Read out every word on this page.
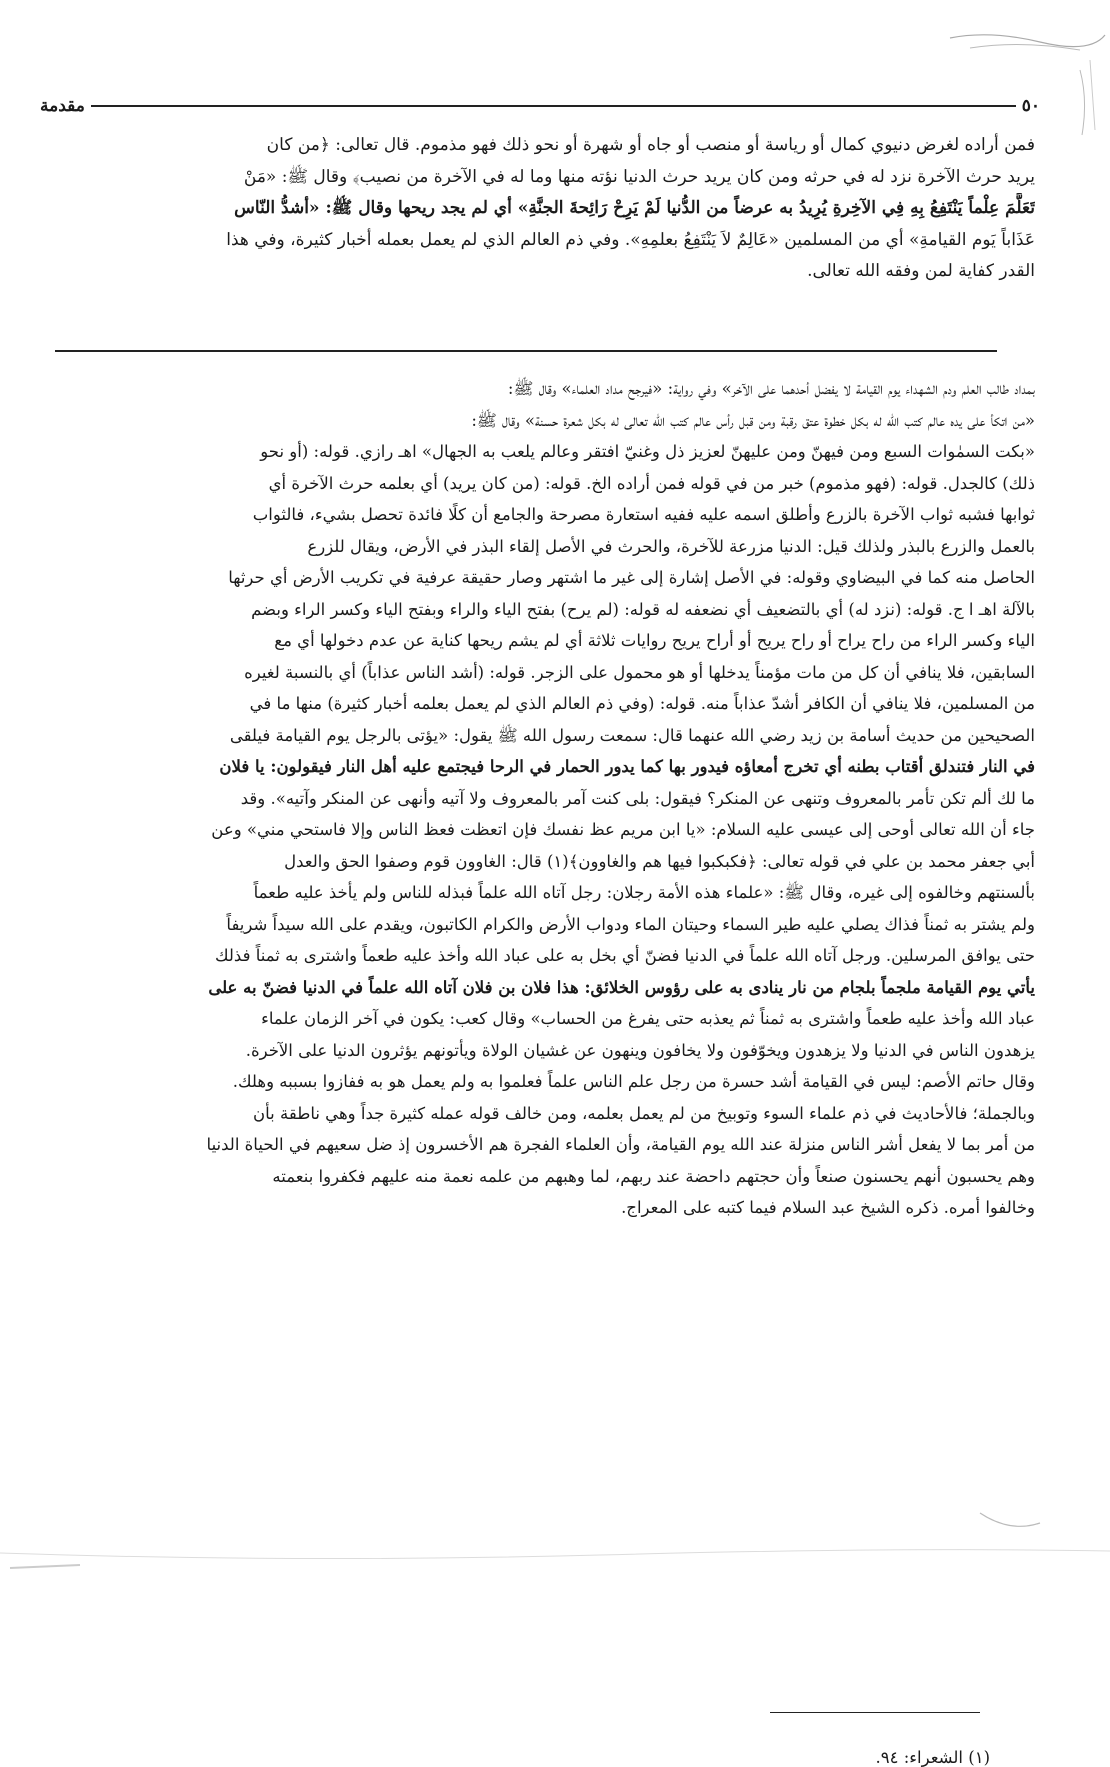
٥٠
مقدمة
فمن أراده لغرض دنيوي كمال أو رياسة أو منصب أو جاه أو شهرة أو نحو ذلك فهو مذموم. قال تعالى: ﴿من كان
يريد حرث الآخرة نزد له في حرثه ومن كان يريد حرث الدنيا نؤته منها وما له في الآخرة من نصيب﴾ وقال ﷺ: «مَنْ
تَعَلَّمَ عِلْماً يَنْتَفِعُ بِهِ فِي الآخِرةِ يُرِيدُ به عرضاً من الدُّنيا لَمْ يَرِحْ رَائِحةَ الجنَّةِ» أي لم يجد ريحها وقال ﷺ: «أشدُّ النّاس
عَذَاباً يَوم القيامةِ» أي من المسلمين «عَالِمٌ لاَ يَنْتَفِعُ بعلمِهِ». وفي ذم العالم الذي لم يعمل بعمله أخبار كثيرة، وفي هذا
القدر كفاية لمن وفقه الله تعالى.
بمداد طالب العلم ودم الشهداء يوم القيامة لا يفضل أحدهما على الآخر» وفي رواية: «فيرجح مداد العلماء» وقال ﷺ:
«من اتكأ على يده عالم كتب الله له بكل خطوة عتق رقبة ومن قبل رأس عالم كتب الله تعالى له بكل شعرة حسنة» وقال ﷺ:
«بكت السمٰوات السبع ومن فيهنّ ومن عليهنّ لعزيز ذل وغنيّ افتقر وعالم يلعب به الجهال» اهـ رازي. قوله: (أو نحو
ذلك) كالجدل. قوله: (فهو مذموم) خبر من في قوله فمن أراده الخ. قوله: (من كان يريد) أي بعلمه حرث الآخرة أي
ثوابها فشبه ثواب الآخرة بالزرع وأطلق اسمه عليه ففيه استعارة مصرحة والجامع أن كلًا فائدة تحصل بشيء، فالثواب
بالعمل والزرع بالبذر ولذلك قيل: الدنيا مزرعة للآخرة، والحرث في الأصل إلقاء البذر في الأرض، ويقال للزرع
الحاصل منه كما في البيضاوي وقوله: في الأصل إشارة إلى غير ما اشتهر وصار حقيقة عرفية في تكريب الأرض أي حرثها
بالآلة اهـ ا ج. قوله: (نزد له) أي بالتضعيف أي نضعفه له قوله: (لم يرح) بفتح الياء والراء وبفتح الياء وكسر الراء وبضم
الياء وكسر الراء من راح يراح أو راح يريح أو أراح يريح روايات ثلاثة أي لم يشم ريحها كناية عن عدم دخولها أي مع
السابقين، فلا ينافي أن كل من مات مؤمناً يدخلها أو هو محمول على الزجر. قوله: (أشد الناس عذاباً) أي بالنسبة لغيره
من المسلمين، فلا ينافي أن الكافر أشدّ عذاباً منه. قوله: (وفي ذم العالم الذي لم يعمل بعلمه أخبار كثيرة) منها ما في
الصحيحين من حديث أسامة بن زيد رضي الله عنهما قال: سمعت رسول الله ﷺ يقول: «يؤتى بالرجل يوم القيامة فيلقى
في النار فتندلق أقتاب بطنه أي تخرج أمعاؤه فيدور بها كما يدور الحمار في الرحا فيجتمع عليه أهل النار فيقولون: يا فلان
ما لك ألم تكن تأمر بالمعروف وتنهى عن المنكر؟ فيقول: بلى كنت آمر بالمعروف ولا آتيه وأنهى عن المنكر وآتيه». وقد
جاء أن الله تعالى أوحى إلى عيسى عليه السلام: «يا ابن مريم عظ نفسك فإن اتعظت فعظ الناس وإلا فاستحي مني» وعن
أبي جعفر محمد بن علي في قوله تعالى: ﴿فكبكبوا فيها هم والغاوون﴾(١) قال: الغاوون قوم وصفوا الحق والعدل
بألسنتهم وخالفوه إلى غيره، وقال ﷺ: «علماء هذه الأمة رجلان: رجل آتاه الله علماً فبذله للناس ولم يأخذ عليه طعماً
ولم يشتر به ثمناً فذاك يصلي عليه طير السماء وحيتان الماء ودواب الأرض والكرام الكاتبون، ويقدم على الله سيداً شريفاً
حتى يوافق المرسلين. ورجل آتاه الله علماً في الدنيا فضنّ أي بخل به على عباد الله وأخذ عليه طعماً واشترى به ثمناً فذلك
يأتي يوم القيامة ملجماً بلجام من نار ينادى به على رؤوس الخلائق: هذا فلان بن فلان آتاه الله علماً في الدنيا فضنّ به على
عباد الله وأخذ عليه طعماً واشترى به ثمناً ثم يعذبه حتى يفرغ من الحساب» وقال كعب: يكون في آخر الزمان علماء
يزهدون الناس في الدنيا ولا يزهدون ويخوّفون ولا يخافون وينهون عن غشيان الولاة ويأتونهم يؤثرون الدنيا على الآخرة.
وقال حاتم الأصم: ليس في القيامة أشد حسرة من رجل علم الناس علماً فعلموا به ولم يعمل هو به ففازوا بسببه وهلك.
وبالجملة؛ فالأحاديث في ذم علماء السوء وتوبيخ من لم يعمل بعلمه، ومن خالف قوله عمله كثيرة جداً وهي ناطقة بأن
من أمر بما لا يفعل أشر الناس منزلة عند الله يوم القيامة، وأن العلماء الفجرة هم الأخسرون إذ ضل سعيهم في الحياة الدنيا
وهم يحسبون أنهم يحسنون صنعاً وأن حجتهم داحضة عند ربهم، لما وهبهم من علمه نعمة منه عليهم فكفروا بنعمته
وخالفوا أمره. ذكره الشيخ عبد السلام فيما كتبه على المعراج.
(١) الشعراء: ٩٤.
